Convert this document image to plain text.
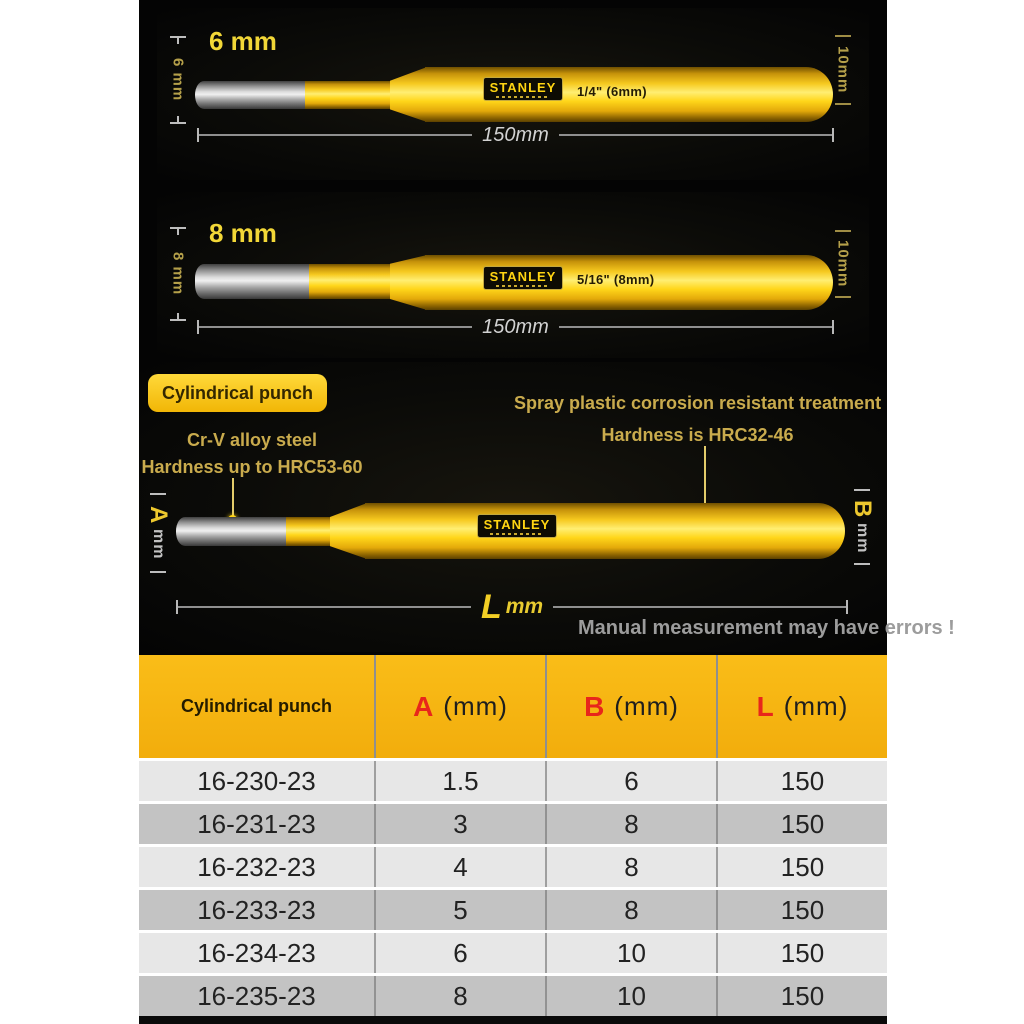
6 mm
6 mm	STANLEY 1/4" (6mm)
150mm
10mm
8 mm
8 mm	STANLEY 5/16" (8mm)
150mm
10mm
Cylindrical punch
Cr-V alloy steel
Hardness up to HRC53-60
Spray plastic corrosion resistant treatment
Hardness is HRC32-46
A
mm
STANLEY
B
mm
L mm
Manual measurement may have errors !
Cylindrical punch	A (mm)	B (mm)	L (mm)
16-230-23	1.5	6	150
16-231-23	3	8	150
16-232-23	4	8	150
16-233-23	5	8	150
16-234-23	6	10	150
16-235-23	8	10	150
